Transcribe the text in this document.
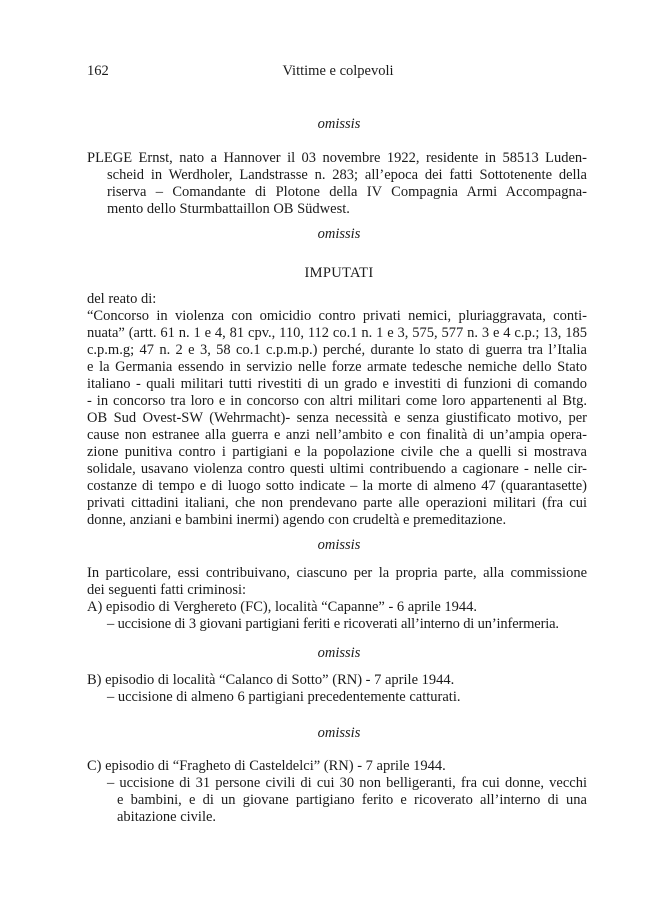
162	Vittime e colpevoli
omissis
PLEGE Ernst, nato a Hannover il 03 novembre 1922, residente in 58513 Luden-
scheid in Werdholer, Landstrasse n. 283; all’epoca dei fatti Sottotenente della
riserva – Comandante di Plotone della IV Compagnia Armi Accompagna-
mento dello Sturmbattaillon OB Südwest.
omissis
IMPUTATI
del reato di:
“Concorso in violenza con omicidio contro privati nemici, pluriaggravata, conti-
nuata” (artt. 61 n. 1 e 4, 81 cpv., 110, 112 co.1 n. 1 e 3, 575, 577 n. 3 e 4 c.p.; 13, 185
c.p.m.g; 47 n. 2 e 3, 58 co.1 c.p.m.p.) perché, durante lo stato di guerra tra l’Italia
e la Germania essendo in servizio nelle forze armate tedesche nemiche dello Stato
italiano - quali militari tutti rivestiti di un grado e investiti di funzioni di comando
- in concorso tra loro e in concorso con altri militari come loro appartenenti al Btg.
OB Sud Ovest-SW (Wehrmacht)- senza necessità e senza giustificato motivo, per
cause non estranee alla guerra e anzi nell’ambito e con finalità di un’ampia opera-
zione punitiva contro i partigiani e la popolazione civile che a quelli si mostrava
solidale, usavano violenza contro questi ultimi contribuendo a cagionare - nelle cir-
costanze di tempo e di luogo sotto indicate – la morte di almeno 47 (quarantasette)
privati cittadini italiani, che non prendevano parte alle operazioni militari (fra cui
donne, anziani e bambini inermi) agendo con crudeltà e premeditazione.
omissis
In particolare, essi contribuivano, ciascuno per la propria parte, alla commissione
dei seguenti fatti criminosi:
A) episodio di Verghereto (FC), località “Capanne” - 6 aprile 1944.
– uccisione di 3 giovani partigiani feriti e ricoverati all’interno di un’infermeria.
omissis
B) episodio di località “Calanco di Sotto” (RN) - 7 aprile 1944.
– uccisione di almeno 6 partigiani precedentemente catturati.
omissis
C) episodio di “Fragheto di Casteldelci” (RN) - 7 aprile 1944.
– uccisione di 31 persone civili di cui 30 non belligeranti, fra cui donne, vecchi
e bambini, e di un giovane partigiano ferito e ricoverato all’interno di una
abitazione civile.
